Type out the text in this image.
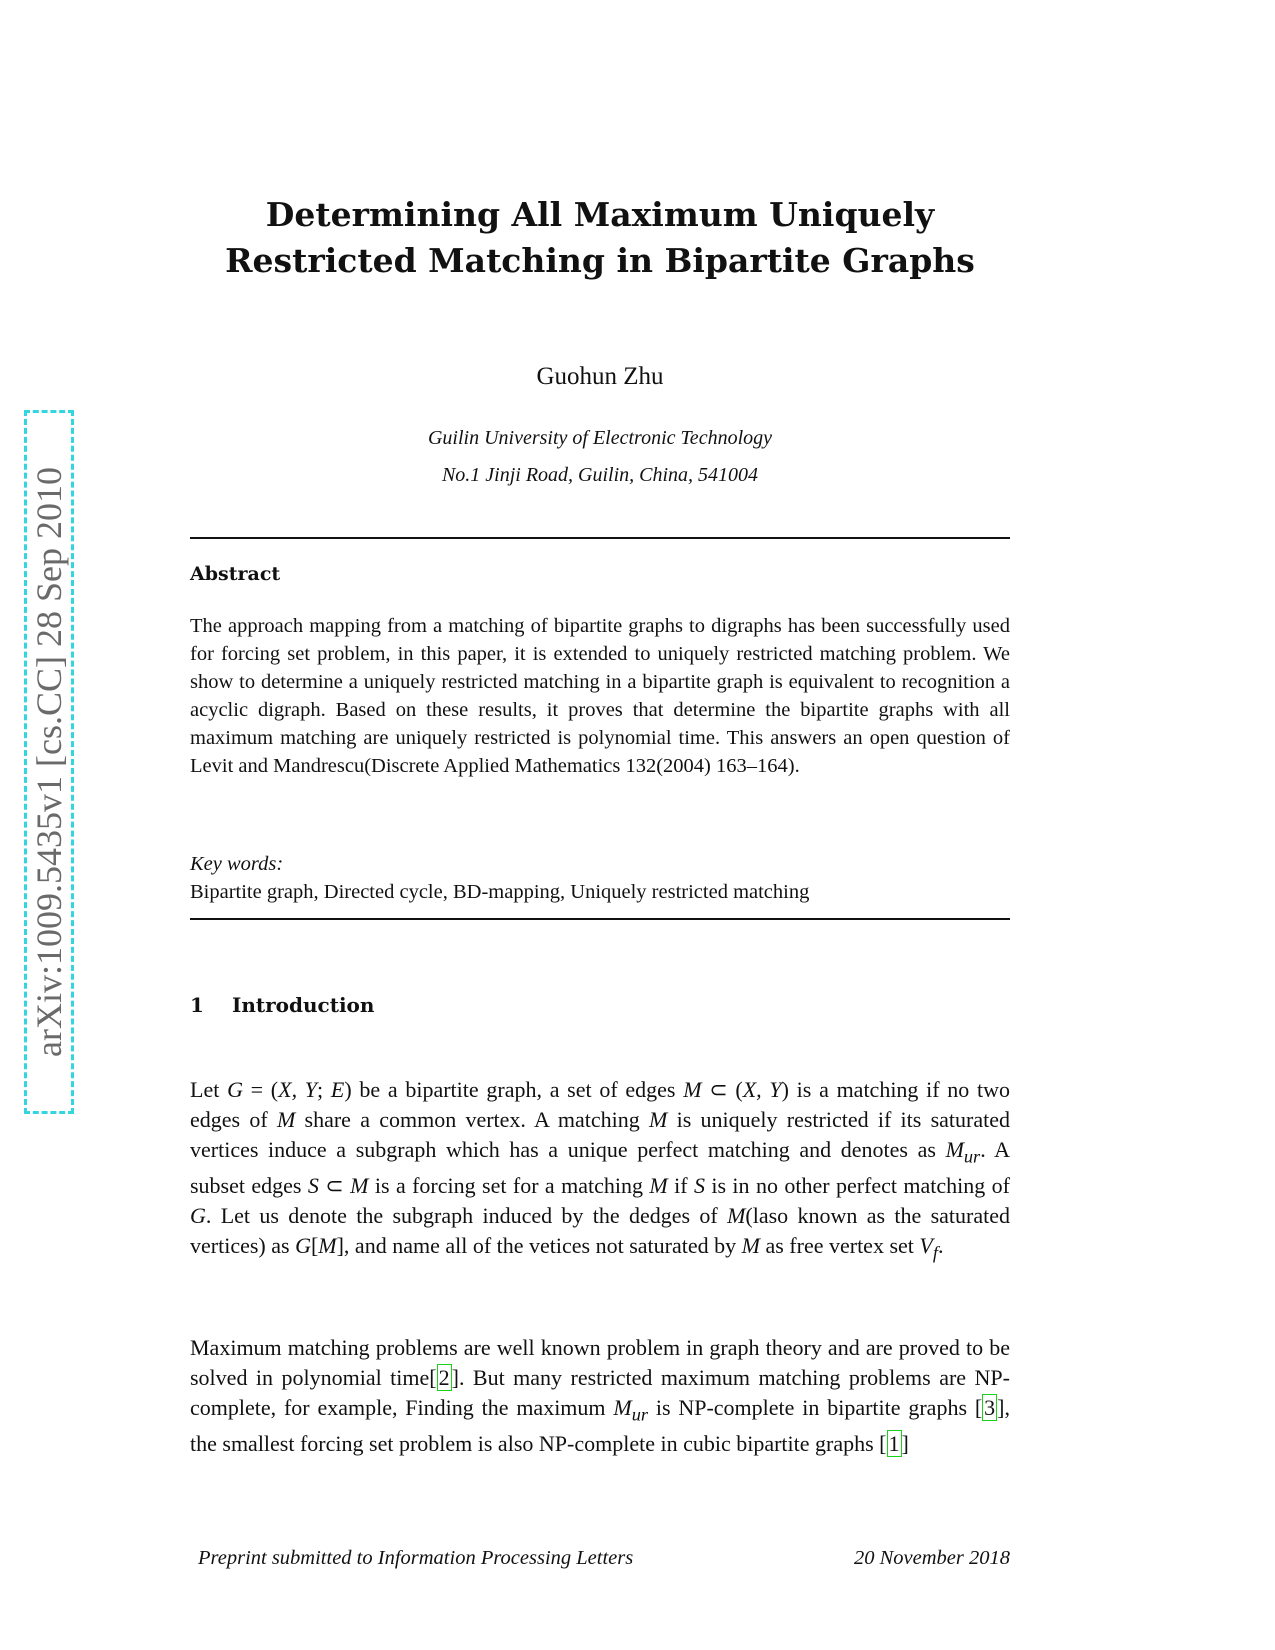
arXiv:1009.5435v1 [cs.CC] 28 Sep 2010
Determining All Maximum Uniquely
Restricted Matching in Bipartite Graphs
Guohun Zhu
Guilin University of Electronic Technology
No.1 Jinji Road, Guilin, China, 541004
Abstract
The approach mapping from a matching of bipartite graphs to digraphs has been successfully used for forcing set problem, in this paper, it is extended to uniquely restricted matching problem. We show to determine a uniquely restricted matching in a bipartite graph is equivalent to recognition a acyclic digraph. Based on these results, it proves that determine the bipartite graphs with all maximum matching are uniquely restricted is polynomial time. This answers an open question of Levit and Mandrescu(Discrete Applied Mathematics 132(2004) 163–164).
Key words:
Bipartite graph, Directed cycle, BD-mapping, Uniquely restricted matching
1 Introduction
Let G = (X, Y; E) be a bipartite graph, a set of edges M ⊂ (X, Y) is a matching if no two edges of M share a common vertex. A matching M is uniquely restricted if its saturated vertices induce a subgraph which has a unique perfect matching and denotes as $M_{ur}$. A subset edges S ⊂ M is a forcing set for a matching M if S is in no other perfect matching of G. Let us denote the subgraph induced by the dedges of M(laso known as the saturated vertices) as G[M], and name all of the vetices not saturated by M as free vertex set $V_f$.
Maximum matching problems are well known problem in graph theory and are proved to be solved in polynomial time[2]. But many restricted maximum matching problems are NP-complete, for example, Finding the maximum $M_{ur}$ is NP-complete in bipartite graphs [3], the smallest forcing set problem is also NP-complete in cubic bipartite graphs [1]
Preprint submitted to Information Processing Letters	20 November 2018
